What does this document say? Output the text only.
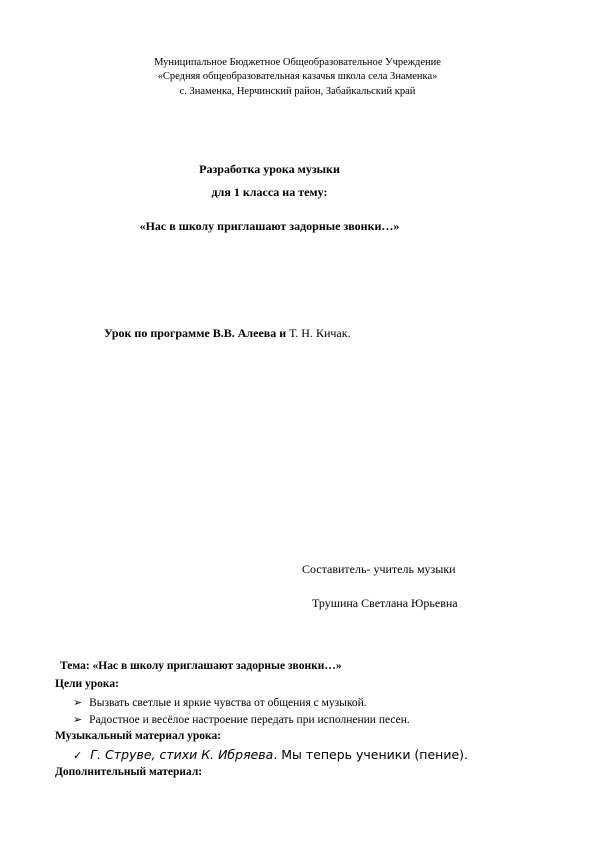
Муниципальное Бюджетное Общеобразовательное Учреждение
«Средняя общеобразовательная казачья школа села Знаменка»
с. Знаменка, Нерчинский район, Забайкальский край
Разработка урока музыки
для 1 класса на тему:
«Нас в школу приглашают задорные звонки…»
Урок по программе В.В. Алеева и Т. Н. Кичак.
Составитель- учитель музыки
Трушина Светлана Юрьевна
Тема: «Нас в школу приглашают задорные звонки…»
Цели урока:
➢ Вызвать светлые и яркие чувства от общения с музыкой.
➢ Радостное и весёлое настроение передать при исполнении песен.
Музыкальный материал урока:
✓ Г. Струве, стихи К. Ибряева. Мы теперь ученики (пение).
Дополнительный материал:
